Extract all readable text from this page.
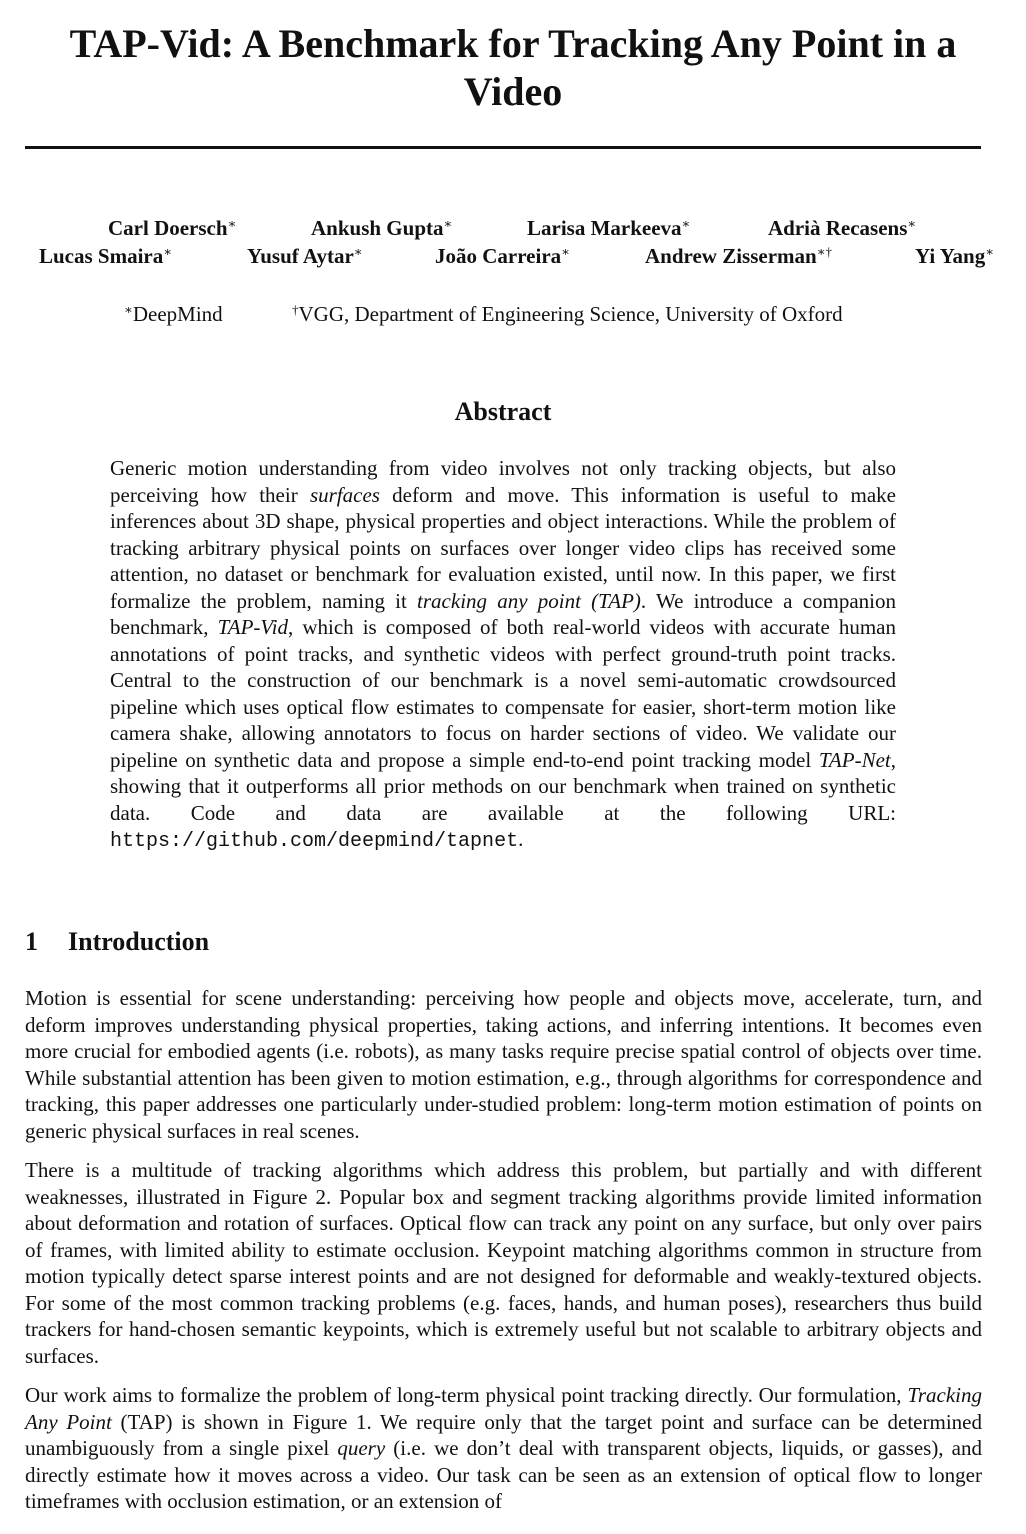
TAP-Vid: A Benchmark for Tracking Any Point in a Video
Carl Doersch∗	Ankush Gupta∗	Larisa Markeeva∗	Adrià Recasens∗
Lucas Smaira∗	Yusuf Aytar∗	João Carreira∗	Andrew Zisserman∗†	Yi Yang∗
∗ DeepMind	† VGG, Department of Engineering Science, University of Oxford
Abstract

Generic motion understanding from video involves not only tracking objects, but also perceiving how their surfaces deform and move. This information is useful to make inferences about 3D shape, physical properties and object interactions. While the problem of tracking arbitrary physical points on surfaces over longer video clips has received some attention, no dataset or benchmark for evaluation existed, until now. In this paper, we first formalize the problem, naming it tracking any point (TAP). We introduce a companion benchmark, TAP-Vid, which is composed of both real-world videos with accurate human annotations of point tracks, and synthetic videos with perfect ground-truth point tracks. Central to the construction of our benchmark is a novel semi-automatic crowdsourced pipeline which uses optical flow estimates to compensate for easier, short-term motion like camera shake, allowing annotators to focus on harder sections of video. We validate our pipeline on synthetic data and propose a simple end-to-end point tracking model TAP-Net, showing that it outperforms all prior methods on our benchmark when trained on synthetic data. Code and data are available at the following URL: https://github.com/deepmind/tapnet.

1 Introduction

Motion is essential for scene understanding: perceiving how people and objects move, accelerate, turn, and deform improves understanding physical properties, taking actions, and inferring intentions. It becomes even more crucial for embodied agents (i.e. robots), as many tasks require precise spatial control of objects over time. While substantial attention has been given to motion estimation, e.g., through algorithms for correspondence and tracking, this paper addresses one particularly under-studied problem: long-term motion estimation of points on generic physical surfaces in real scenes.

There is a multitude of tracking algorithms which address this problem, but partially and with different weaknesses, illustrated in Figure 2. Popular box and segment tracking algorithms provide limited information about deformation and rotation of surfaces. Optical flow can track any point on any surface, but only over pairs of frames, with limited ability to estimate occlusion. Keypoint matching algorithms common in structure from motion typically detect sparse interest points and are not designed for deformable and weakly-textured objects. For some of the most common tracking problems (e.g. faces, hands, and human poses), researchers thus build trackers for hand-chosen semantic keypoints, which is extremely useful but not scalable to arbitrary objects and surfaces.

Our work aims to formalize the problem of long-term physical point tracking directly. Our formulation, Tracking Any Point (TAP) is shown in Figure 1. We require only that the target point and surface can be determined unambiguously from a single pixel query (i.e. we don’t deal with transparent objects, liquids, or gasses), and directly estimate how it moves across a video. Our task can be seen as an extension of optical flow to longer timeframes with occlusion estimation, or an extension of
